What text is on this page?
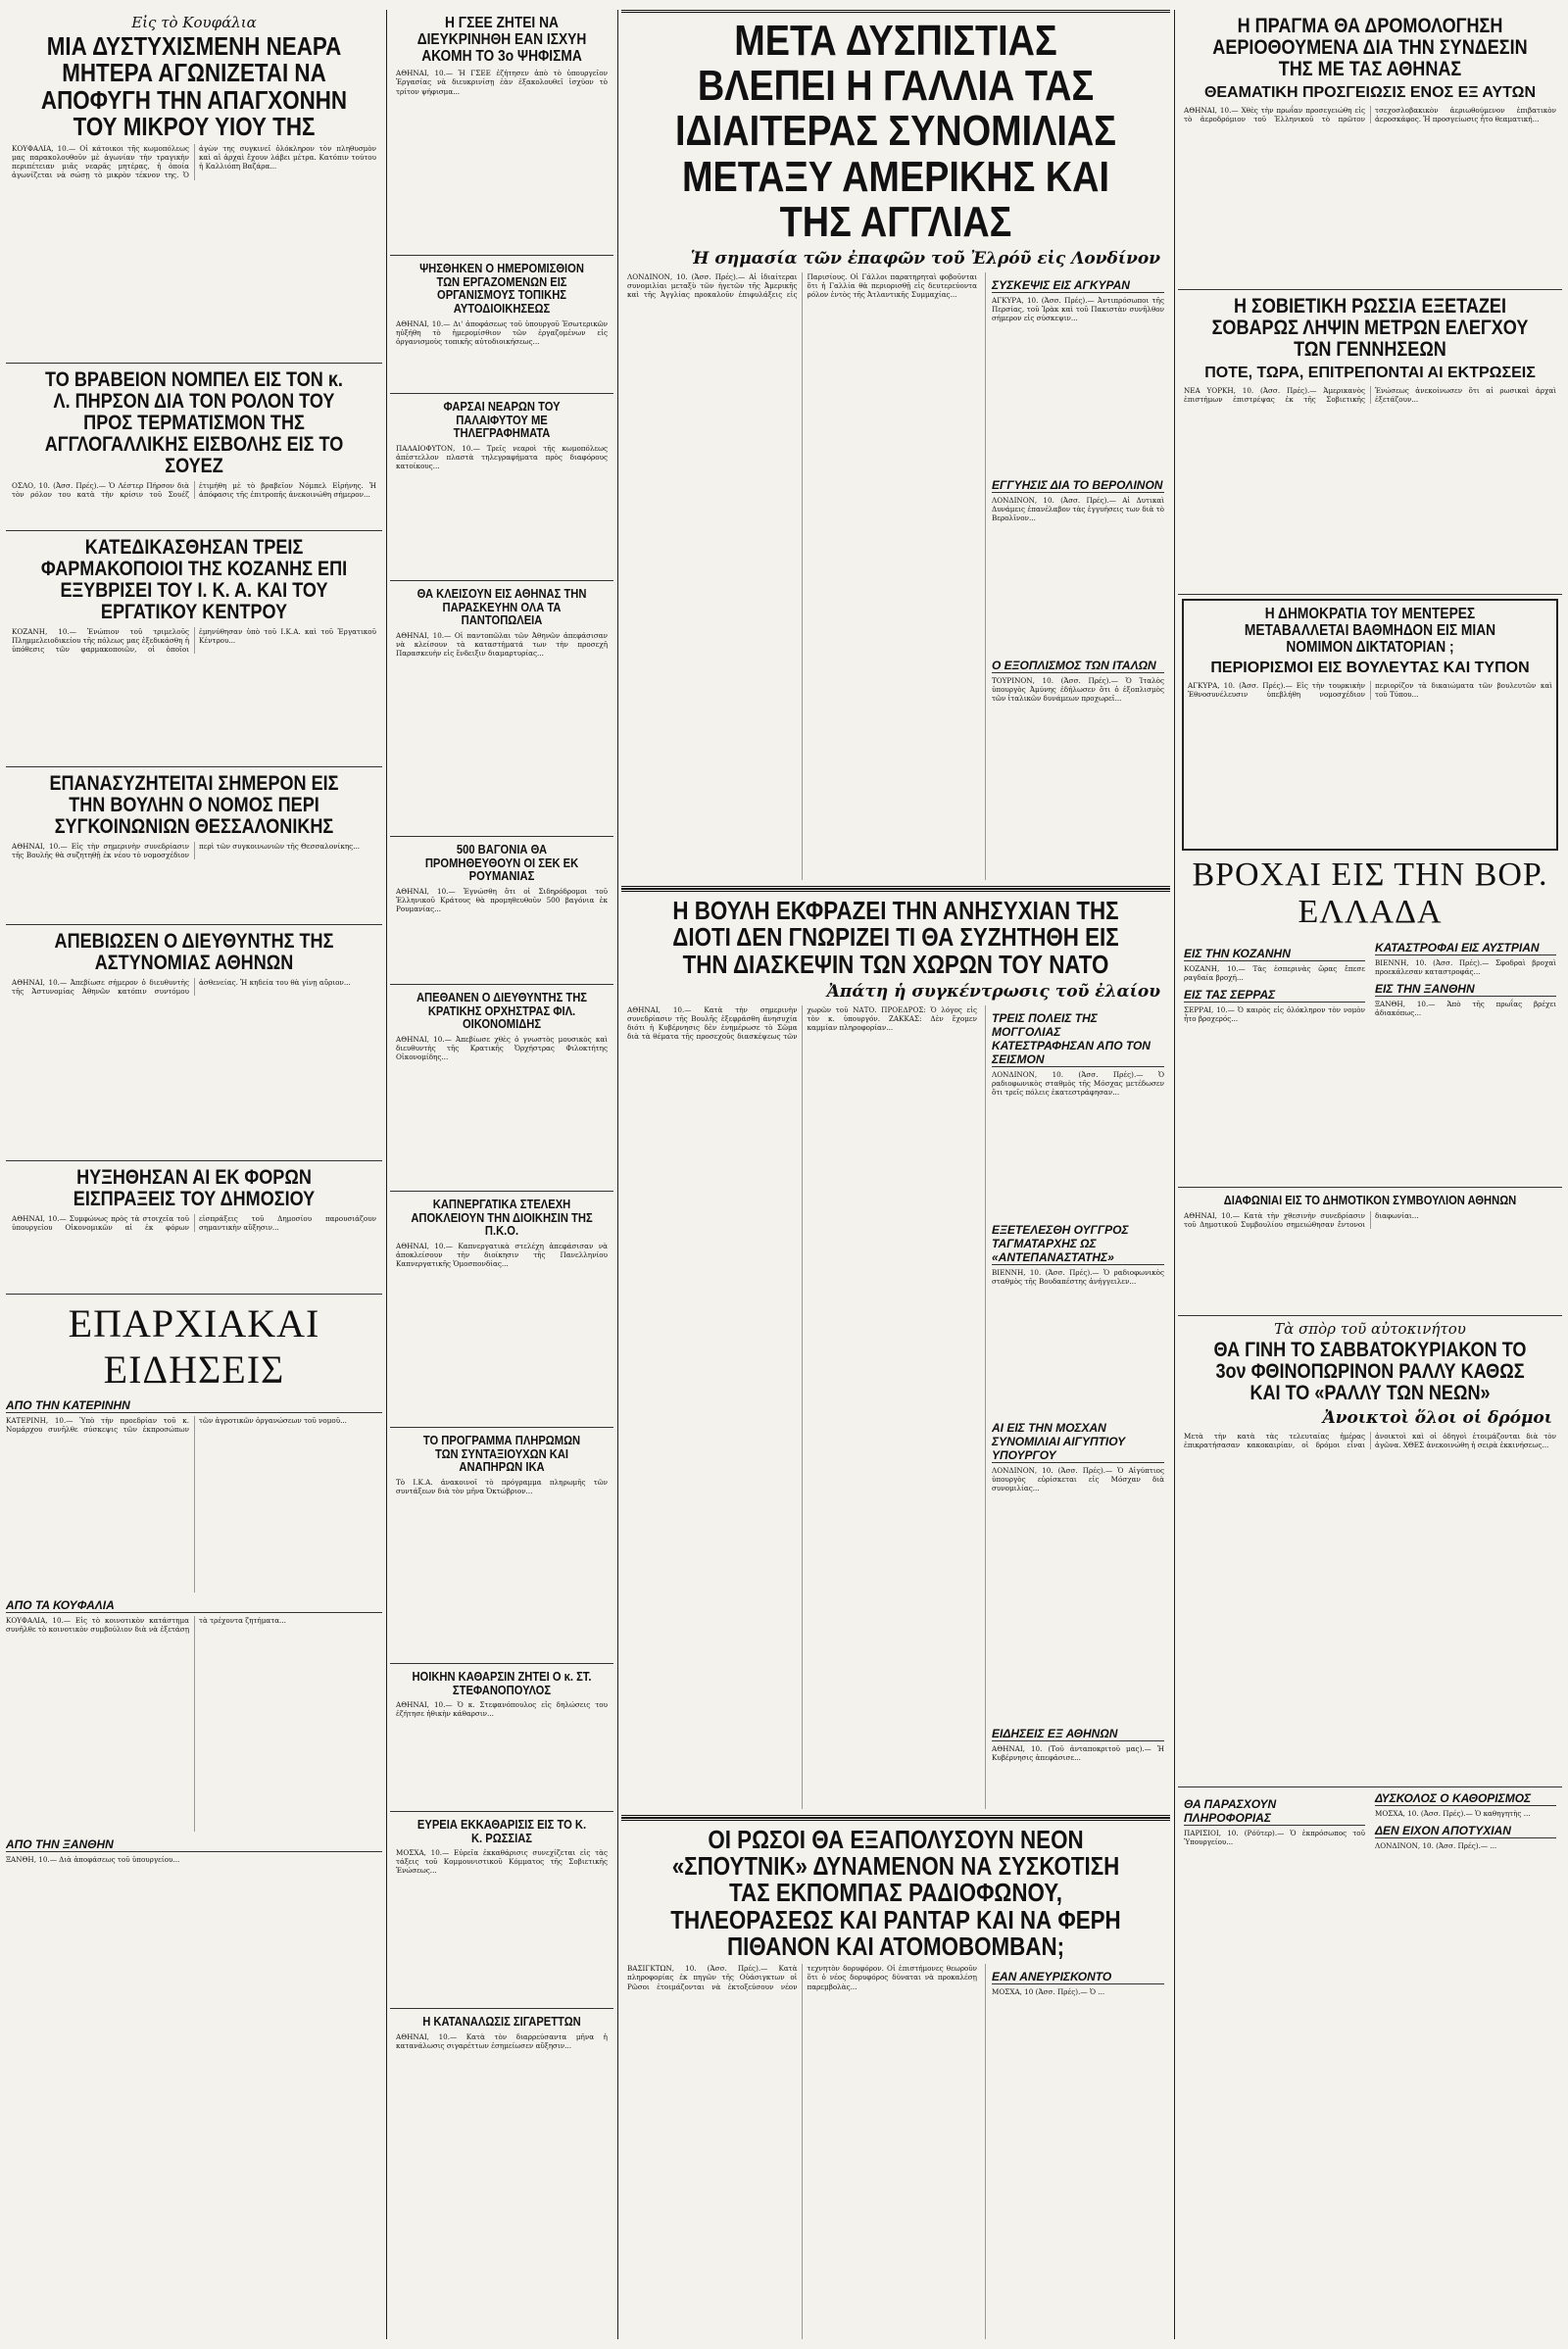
Εἰς τὸ Κουφάλια

ΜΙΑ ΔΥΣΤΥΧΙΣΜΕΝΗ ΝΕΑΡΑ ΜΗΤΕΡΑ ΑΓΩΝΙΖΕΤΑΙ ΝΑ ΑΠΟΦΥΓΗ ΤΗΝ ΑΠΑΓΧΟΝΗΝ ΤΟΥ ΜΙΚΡΟΥ ΥΙΟΥ ΤΗΣ

ΚΟΥΦΑΛΙΑ, 10.— Οἱ κάτοικοι τῆς κωμοπόλεως μας παρακολουθοῦν μὲ ἀγωνίαν τὴν τραγικὴν περιπέτειαν μιᾶς νεαρᾶς μητέρας, ἡ ὁποία ἀγωνίζεται νὰ σώσῃ τὸ μικρὸν τέκνον της. Ὁ ἀγὼν της συγκινεῖ ὁλόκληρον τὸν πληθυσμὸν καὶ αἱ ἀρχαὶ ἔχουν λάβει μέτρα. Κατόπιν τούτου ἡ Καλλιόπη Βαζάρα...

ΤΟ ΒΡΑΒΕΙΟΝ ΝΟΜΠΕΛ ΕΙΣ ΤΟΝ κ. Λ. ΠΗΡΣΟΝ ΔΙΑ ΤΟΝ ΡΟΛΟΝ ΤΟΥ ΠΡΟΣ ΤΕΡΜΑΤΙΣΜΟΝ ΤΗΣ ΑΓΓΛΟΓΑΛΛΙΚΗΣ ΕΙΣΒΟΛΗΣ ΕΙΣ ΤΟ ΣΟΥΕΖ

ΟΣΛΟ, 10. (Ἀσσ. Πρές).— Ὁ Λέστερ Πήρσον διὰ τὸν ρόλον του κατὰ τὴν κρίσιν τοῦ Σουέζ ἐτιμήθη μὲ τὸ βραβεῖον Νόμπελ Εἰρήνης. Ἡ ἀπόφασις τῆς ἐπιτροπῆς ἀνεκοινώθη σήμερον...

ΚΑΤΕΔΙΚΑΣΘΗΣΑΝ ΤΡΕΙΣ ΦΑΡΜΑΚΟΠΟΙΟΙ ΤΗΣ ΚΟΖΑΝΗΣ ΕΠΙ ΕΞΥΒΡΙΣΕΙ ΤΟΥ Ι. Κ. Α. ΚΑΙ ΤΟΥ ΕΡΓΑΤΙΚΟΥ ΚΕΝΤΡΟΥ

ΚΟΖΑΝΗ, 10.— Ἐνώπιον τοῦ τριμελοῦς Πλημμελειοδικείου τῆς πόλεως μας ἐξεδικάσθη ἡ ὑπόθεσις τῶν φαρμακοποιῶν, οἱ ὁποῖοι ἐμηνύθησαν ὑπὸ τοῦ Ι.Κ.Α. καὶ τοῦ Ἐργατικοῦ Κέντρου...

ΕΠΑΝΑΣΥΖΗΤΕΙΤΑΙ ΣΗΜΕΡΟΝ ΕΙΣ ΤΗΝ ΒΟΥΛΗΝ Ο ΝΟΜΟΣ ΠΕΡΙ ΣΥΓΚΟΙΝΩΝΙΩΝ ΘΕΣΣΑΛΟΝΙΚΗΣ

ΑΘΗΝΑΙ, 10.— Εἰς τὴν σημερινὴν συνεδρίασιν τῆς Βουλῆς θὰ συζητηθῇ ἐκ νέου τὸ νομοσχέδιον περὶ τῶν συγκοινωνιῶν τῆς Θεσσαλονίκης...

ΑΠΕΒΙΩΣΕΝ Ο ΔΙΕΥΘΥΝΤΗΣ ΤΗΣ ΑΣΤΥΝΟΜΙΑΣ ΑΘΗΝΩΝ

ΑΘΗΝΑΙ, 10.— Ἀπεβίωσε σήμερον ὁ διευθυντὴς τῆς Ἀστυνομίας Ἀθηνῶν κατόπιν συντόμου ἀσθενείας. Ἡ κηδεία του θὰ γίνῃ αὔριον...

ΗΥΞΗΘΗΣΑΝ ΑΙ ΕΚ ΦΟΡΩΝ ΕΙΣΠΡΑΞΕΙΣ ΤΟΥ ΔΗΜΟΣΙΟΥ

ΑΘΗΝΑΙ, 10.— Συμφώνως πρὸς τὰ στοιχεῖα τοῦ ὑπουργείου Οἰκονομικῶν αἱ ἐκ φόρων εἰσπράξεις τοῦ Δημοσίου παρουσιάζουν σημαντικὴν αὔξησιν...

ΕΠΑΡΧΙΑΚΑΙ ΕΙΔΗΣΕΙΣ
ΑΠΟ ΤΗΝ ΚΑΤΕΡΙΝΗΝ

ΚΑΤΕΡΙΝΗ, 10.— Ὑπὸ τὴν προεδρίαν τοῦ κ. Νομάρχου συνῆλθε σύσκεψις τῶν ἐκπροσώπων τῶν ἀγροτικῶν ὀργανώσεων τοῦ νομοῦ...

ΑΠΟ ΤΑ ΚΟΥΦΑΛΙΑ

ΚΟΥΦΑΛΙΑ, 10.— Εἰς τὸ κοινοτικὸν κατάστημα συνῆλθε τὸ κοινοτικὸν συμβούλιον διὰ νὰ ἐξετάσῃ τὰ τρέχοντα ζητήματα...

ΑΠΟ ΤΗΝ ΞΑΝΘΗΝ

ΞΑΝΘΗ, 10.— Διὰ ἀποφάσεως τοῦ ὑπουργείου...

Η ΓΣΕΕ ΖΗΤΕΙ ΝΑ ΔΙΕΥΚΡΙΝΗΘΗ ΕΑΝ ΙΣΧΥΗ ΑΚΟΜΗ ΤΟ 3ο ΨΗΦΙΣΜΑ

ΑΘΗΝΑΙ, 10.— Ἡ ΓΣΕΕ ἐζήτησεν ἀπὸ τὸ ὑπουργεῖον Ἐργασίας νὰ διευκρινίσῃ ἐὰν ἐξακολουθεῖ ἰσχύον τὸ τρίτον ψήφισμα...

ΨΗΣΘΗΚΕΝ Ο ΗΜΕΡΟΜΙΣΘΙΟΝ ΤΩΝ ΕΡΓΑΖΟΜΕΝΩΝ ΕΙΣ ΟΡΓΑΝΙΣΜΟΥΣ ΤΟΠΙΚΗΣ ΑΥΤΟΔΙΟΙΚΗΣΕΩΣ

ΑΘΗΝΑΙ, 10.— Δι' ἀποφάσεως τοῦ ὑπουργοῦ Ἐσωτερικῶν ηὐξήθη τὸ ἡμερομίσθιον τῶν ἐργαζομένων εἰς ὀργανισμοὺς τοπικῆς αὐτοδιοικήσεως...

ΦΑΡΣΑΙ ΝΕΑΡΩΝ ΤΟΥ ΠΑΛΑΙΦΥΤΟΥ ΜΕ ΤΗΛΕΓΡΑΦΗΜΑΤΑ

ΠΑΛΑΙΟΦΥΤΟΝ, 10.— Τρεῖς νεαροὶ τῆς κωμοπόλεως ἀπέστελλον πλαστὰ τηλεγραφήματα πρὸς διαφόρους κατοίκους...

ΘΑ ΚΛΕΙΣΟΥΝ ΕΙΣ ΑΘΗΝΑΣ ΤΗΝ ΠΑΡΑΣΚΕΥΗΝ ΟΛΑ ΤΑ ΠΑΝΤΟΠΩΛΕΙΑ

ΑΘΗΝΑΙ, 10.— Οἱ παντοπῶλαι τῶν Ἀθηνῶν ἀπεφάσισαν νὰ κλείσουν τὰ καταστήματά των τὴν προσεχῆ Παρασκευὴν εἰς ἔνδειξιν διαμαρτυρίας...

500 ΒΑΓΟΝΙΑ ΘΑ ΠΡΟΜΗΘΕΥΘΟΥΝ ΟΙ ΣΕΚ ΕΚ ΡΟΥΜΑΝΙΑΣ

ΑΘΗΝΑΙ, 10.— Ἐγνώσθη ὅτι οἱ Σιδηρόδρομοι τοῦ Ἑλληνικοῦ Κράτους θὰ προμηθευθοῦν 500 βαγόνια ἐκ Ρουμανίας...

ΑΠΕΘΑΝΕΝ Ο ΔΙΕΥΘΥΝΤΗΣ ΤΗΣ ΚΡΑΤΙΚΗΣ ΟΡΧΗΣΤΡΑΣ ΦΙΛ. ΟΙΚΟΝΟΜΙΔΗΣ

ΑΘΗΝΑΙ, 10.— Ἀπεβίωσε χθὲς ὁ γνωστὸς μουσικὸς καὶ διευθυντὴς τῆς Κρατικῆς Ὀρχήστρας Φιλοκτήτης Οἰκονομίδης...

ΚΑΠΝΕΡΓΑΤΙΚΑ ΣΤΕΛΕΧΗ ΑΠΟΚΛΕΙΟΥΝ ΤΗΝ ΔΙΟΙΚΗΣΙΝ ΤΗΣ Π.Κ.Ο.

ΑΘΗΝΑΙ, 10.— Καπνεργατικὰ στελέχη ἀπεφάσισαν νὰ ἀποκλείσουν τὴν διοίκησιν τῆς Πανελληνίου Καπνεργατικῆς Ὁμοσπονδίας...

ΤΟ ΠΡΟΓΡΑΜΜΑ ΠΛΗΡΩΜΩΝ ΤΩΝ ΣΥΝΤΑΞΙΟΥΧΩΝ ΚΑΙ ΑΝΑΠΗΡΩΝ ΙΚΑ

Τὸ Ι.Κ.Α. ἀνακοινοῖ τὸ πρόγραμμα πληρωμῆς τῶν συντάξεων διὰ τὸν μῆνα Ὀκτώβριον...

ΗΟΙΚΗΝ ΚΑΘΑΡΣΙΝ ΖΗΤΕΙ Ο κ. ΣΤ. ΣΤΕΦΑΝΟΠΟΥΛΟΣ

ΑΘΗΝΑΙ, 10.— Ὁ κ. Στεφανόπουλος εἰς δηλώσεις του ἐζήτησε ἠθικὴν κάθαρσιν...

ΕΥΡΕΙΑ ΕΚΚΑΘΑΡΙΣΙΣ ΕΙΣ ΤΟ Κ. Κ. ΡΩΣΣΙΑΣ

ΜΟΣΧΑ, 10.— Εὐρεῖα ἐκκαθάρισις συνεχίζεται εἰς τὰς τάξεις τοῦ Κομμουνιστικοῦ Κόμματος τῆς Σοβιετικῆς Ἑνώσεως...

Η ΚΑΤΑΝΑΛΩΣΙΣ ΣΙΓΑΡΕΤΤΩΝ

ΑΘΗΝΑΙ, 10.— Κατὰ τὸν διαρρεύσαντα μῆνα ἡ κατανάλωσις σιγαρέττων ἐσημείωσεν αὔξησιν...

ΜΕΤΑ ΔΥΣΠΙΣΤΙΑΣ ΒΛΕΠΕΙ Η ΓΑΛΛΙΑ ΤΑΣ ΙΔΙΑΙΤΕΡΑΣ ΣΥΝΟΜΙΛΙΑΣ ΜΕΤΑΞΥ ΑΜΕΡΙΚΗΣ ΚΑΙ ΤΗΣ ΑΓΓΛΙΑΣ

Ἡ σημασία τῶν ἐπαφῶν τοῦ Ἐλρόῦ εἰς Λονδίνον

ΛΟΝΔΙΝΟΝ, 10. (Ἀσσ. Πρές).— Αἱ ἰδιαίτεραι συνομιλίαι μεταξὺ τῶν ἡγετῶν τῆς Ἀμερικῆς καὶ τῆς Ἀγγλίας προκαλοῦν ἐπιφυλάξεις εἰς Παρισίους. Οἱ Γάλλοι παρατηρηταὶ φοβοῦνται ὅτι ἡ Γαλλία θὰ περιορισθῇ εἰς δευτερεύοντα ρόλον ἐντὸς τῆς Ἀτλαντικῆς Συμμαχίας...

ΣΥΣΚΕΨΙΣ ΕΙΣ ΑΓΚΥΡΑΝ

ΑΓΚΥΡΑ, 10. (Ἀσσ. Πρές).— Ἀντιπρόσωποι τῆς Περσίας, τοῦ Ἰρὰκ καὶ τοῦ Πακιστὰν συνῆλθον σήμερον εἰς σύσκεψιν...

ΕΓΓΥΗΣΙΣ ΔΙΑ ΤΟ ΒΕΡΟΛΙΝΟΝ

ΛΟΝΔΙΝΟΝ, 10. (Ἀσσ. Πρές).— Αἱ Δυτικαὶ Δυνάμεις ἐπανέλαβον τὰς ἐγγυήσεις των διὰ τὸ Βερολῖνον...

Ο ΕΞΟΠΛΙΣΜΟΣ ΤΩΝ ΙΤΑΛΩΝ

ΤΟΥΡΙΝΟΝ, 10. (Ἀσσ. Πρές).— Ὁ Ἰταλὸς ὑπουργὸς Ἀμύνης ἐδήλωσεν ὅτι ὁ ἐξοπλισμὸς τῶν ἰταλικῶν δυνάμεων προχωρεῖ...

Η ΒΟΥΛΗ ΕΚΦΡΑΖΕΙ ΤΗΝ ΑΝΗΣΥΧΙΑΝ ΤΗΣ ΔΙΟΤΙ ΔΕΝ ΓΝΩΡΙΖΕΙ ΤΙ ΘΑ ΣΥΖΗΤΗΘΗ ΕΙΣ ΤΗΝ ΔΙΑΣΚΕΨΙΝ ΤΩΝ ΧΩΡΩΝ ΤΟΥ ΝΑΤΟ

Ἀπάτη ἡ συγκέντρωσις τοῦ ἐλαίου

ΑΘΗΝΑΙ, 10.— Κατὰ τὴν σημερινὴν συνεδρίασιν τῆς Βουλῆς ἐξεφράσθη ἀνησυχία διότι ἡ Κυβέρνησις δὲν ἐνημέρωσε τὸ Σῶμα διὰ τὰ θέματα τῆς προσεχοῦς διασκέψεως τῶν χωρῶν τοῦ ΝΑΤΟ. ΠΡΟΕΔΡΟΣ: Ὁ λόγος εἰς τὸν κ. ὑπουργόν. ΖΑΚΚΑΣ: Δὲν ἔχομεν καμμίαν πληροφορίαν...

ΤΡΕΙΣ ΠΟΛΕΙΣ ΤΗΣ ΜΟΓΓΟΛΙΑΣ ΚΑΤΕΣΤΡΑΦΗΣΑΝ ΑΠΟ ΤΟΝ ΣΕΙΣΜΟΝ

ΛΟΝΔΙΝΟΝ, 10. (Ἀσσ. Πρές).— Ὁ ραδιοφωνικὸς σταθμὸς τῆς Μόσχας μετέδωσεν ὅτι τρεῖς πόλεις ἐκατεστράφησαν...

ΕΞΕΤΕΛΕΣΘΗ ΟΥΓΓΡΟΣ ΤΑΓΜΑΤΑΡΧΗΣ ΩΣ «ΑΝΤΕΠΑΝΑΣΤΑΤΗΣ»

ΒΙΕΝΝΗ, 10. (Ἀσσ. Πρές).— Ὁ ραδιοφωνικὸς σταθμὸς τῆς Βουδαπέστης ἀνήγγειλεν...

ΑΙ ΕΙΣ ΤΗΝ ΜΟΣΧΑΝ ΣΥΝΟΜΙΛΙΑΙ ΑΙΓΥΠΤΙΟΥ ΥΠΟΥΡΓΟΥ

ΛΟΝΔΙΝΟΝ, 10. (Ἀσσ. Πρές).— Ὁ Αἰγύπτιος ὑπουργὸς εὑρίσκεται εἰς Μόσχαν διὰ συνομιλίας...

ΕΙΔΗΣΕΙΣ ΕΞ ΑΘΗΝΩΝ

ΑΘΗΝΑΙ, 10. (Τοῦ ἀνταποκριτοῦ μας).— Ἡ Κυβέρνησις ἀπεφάσισε...

ΟΙ ΡΩΣΟΙ ΘΑ ΕΞΑΠΟΛΥΣΟΥΝ ΝΕΟΝ «ΣΠΟΥΤΝΙΚ» ΔΥΝΑΜΕΝΟΝ ΝΑ ΣΥΣΚΟΤΙΣΗ ΤΑΣ ΕΚΠΟΜΠΑΣ ΡΑΔΙΟΦΩΝΟΥ, ΤΗΛΕΟΡΑΣΕΩΣ ΚΑΙ ΡΑΝΤΑΡ ΚΑΙ ΝΑ ΦΕΡΗ ΠΙΘΑΝΟΝ ΚΑΙ ΑΤΟΜΟΒΟΜΒΑΝ;

ΒΑΣΙΓΚΤΩΝ, 10. (Ἀσσ. Πρές).— Κατὰ πληροφορίας ἐκ πηγῶν τῆς Οὐάσιγκτων οἱ Ρῶσοι ἑτοιμάζονται νὰ ἐκτοξεύσουν νέον τεχνητὸν δορυφόρον. Οἱ ἐπιστήμονες θεωροῦν ὅτι ὁ νέος δορυφόρος δύναται νὰ προκαλέσῃ παρεμβολὰς...

ΕΑΝ ΑΝΕΥΡΙΣΚΟΝΤΟ

ΜΟΣΧΑ, 10 (Ἀσσ. Πρές).— Ὁ ...

Η ΠΡΑΓΜΑ ΘΑ ΔΡΟΜΟΛΟΓΗΣΗ ΑΕΡΙΟΘΟΥΜΕΝΑ ΔΙΑ ΤΗΝ ΣΥΝΔΕΣΙΝ ΤΗΣ ΜΕ ΤΑΣ ΑΘΗΝΑΣ

ΘΕΑΜΑΤΙΚΗ ΠΡΟΣΓΕΙΩΣΙΣ ΕΝΟΣ ΕΞ ΑΥΤΩΝ

ΑΘΗΝΑΙ, 10.— Χθὲς τὴν πρωΐαν προσεγειώθη εἰς τὸ ἀεροδρόμιον τοῦ Ἑλληνικοῦ τὸ πρῶτον τσεχοσλοβακικὸν ἀεριωθούμενον ἐπιβατικὸν ἀεροσκάφος. Ἡ προσγείωσις ἦτο θεαματική...

Η ΣΟΒΙΕΤΙΚΗ ΡΩΣΣΙΑ ΕΞΕΤΑΖΕΙ ΣΟΒΑΡΩΣ ΛΗΨΙΝ ΜΕΤΡΩΝ ΕΛΕΓΧΟΥ ΤΩΝ ΓΕΝΝΗΣΕΩΝ

ΠΟΤΕ, ΤΩΡΑ, ΕΠΙΤΡΕΠΟΝΤΑΙ ΑΙ ΕΚΤΡΩΣΕΙΣ

ΝΕΑ ΥΟΡΚΗ, 10. (Ἀσσ. Πρές).— Ἀμερικανὸς ἐπιστήμων ἐπιστρέψας ἐκ τῆς Σοβιετικῆς Ἑνώσεως ἀνεκοίνωσεν ὅτι αἱ ρωσικαὶ ἀρχαὶ ἐξετάζουν...

Η ΔΗΜΟΚΡΑΤΙΑ ΤΟΥ ΜΕΝΤΕΡΕΣ ΜΕΤΑΒΑΛΛΕΤΑΙ ΒΑΘΜΗΔΟΝ ΕΙΣ ΜΙΑΝ ΝΟΜΙΜΟΝ ΔΙΚΤΑΤΟΡΙΑΝ ;

ΠΕΡΙΟΡΙΣΜΟΙ ΕΙΣ ΒΟΥΛΕΥΤΑΣ ΚΑΙ ΤΥΠΟΝ

ΑΓΚΥΡΑ, 10. (Ἀσσ. Πρές).— Εἰς τὴν τουρκικὴν Ἐθνοσυνέλευσιν ὑπεβλήθη νομοσχέδιον περιορίζον τὰ δικαιώματα τῶν βουλευτῶν καὶ τοῦ Τύπου...

ΒΡΟΧΑΙ ΕΙΣ ΤΗΝ ΒΟΡ. ΕΛΛΑΔΑ
ΕΙΣ ΤΗΝ ΚΟΖΑΝΗΝ

ΚΟΖΑΝΗ, 10.— Τὰς ἑσπερινὰς ὥρας ἔπεσε ραγδαία βροχή...

ΕΙΣ ΤΑΣ ΣΕΡΡΑΣ

ΣΕΡΡΑΙ, 10.— Ὁ καιρὸς εἰς ὁλόκληρον τὸν νομὸν ἦτο βροχερός...

ΚΑΤΑΣΤΡΟΦΑΙ ΕΙΣ ΑΥΣΤΡΙΑΝ

ΒΙΕΝΝΗ, 10. (Ἀσσ. Πρές).— Σφοδραὶ βροχαὶ προεκάλεσαν καταστροφάς...

ΕΙΣ ΤΗΝ ΞΑΝΘΗΝ

ΞΑΝΘΗ, 10.— Ἀπὸ τῆς πρωΐας βρέχει ἀδιακόπως...

ΔΙΑΦΩΝΙΑΙ ΕΙΣ ΤΟ ΔΗΜΟΤΙΚΟΝ ΣΥΜΒΟΥΛΙΟΝ ΑΘΗΝΩΝ

ΑΘΗΝΑΙ, 10.— Κατὰ τὴν χθεσινὴν συνεδρίασιν τοῦ Δημοτικοῦ Συμβουλίου σημειώθησαν ἔντονοι διαφωνίαι...

Τὰ σπὸρ τοῦ αὐτοκινήτου

ΘΑ ΓΙΝΗ ΤΟ ΣΑΒΒΑΤΟΚΥΡΙΑΚΟΝ ΤΟ 3ον ΦΘΙΝΟΠΩΡΙΝΟΝ ΡΑΛΛΥ ΚΑΘΩΣ ΚΑΙ ΤΟ «ΡΑΛΛΥ ΤΩΝ ΝΕΩΝ»

Ἀνοικτοὶ ὅλοι οἱ δρόμοι

Μετὰ τὴν κατὰ τὰς τελευταίας ἡμέρας ἐπικρατήσασαν κακοκαιρίαν, οἱ δρόμοι εἶναι ἀνοικτοὶ καὶ οἱ ὁδηγοὶ ἑτοιμάζονται διὰ τὸν ἀγῶνα. ΧΘΕΣ ἀνεκοινώθη ἡ σειρὰ ἐκκινήσεως...

ΘΑ ΠΑΡΑΣΧΟΥΝ ΠΛΗΡΟΦΟΡΙΑΣ

ΠΑΡΙΣΙΟΙ, 10. (Ρόϋτερ).— Ὁ ἐκπρόσωπος τοῦ Ὑπουργείου...

ΔΥΣΚΟΛΟΣ Ο ΚΑΘΟΡΙΣΜΟΣ

ΜΟΣΧΑ, 10. (Ἀσσ. Πρές).— Ὁ καθηγητὴς ...

ΔΕΝ ΕΙΧΟΝ ΑΠΟΤΥΧΙΑΝ

ΛΟΝΔΙΝΟΝ, 10. (Ἀσσ. Πρές).— ...
